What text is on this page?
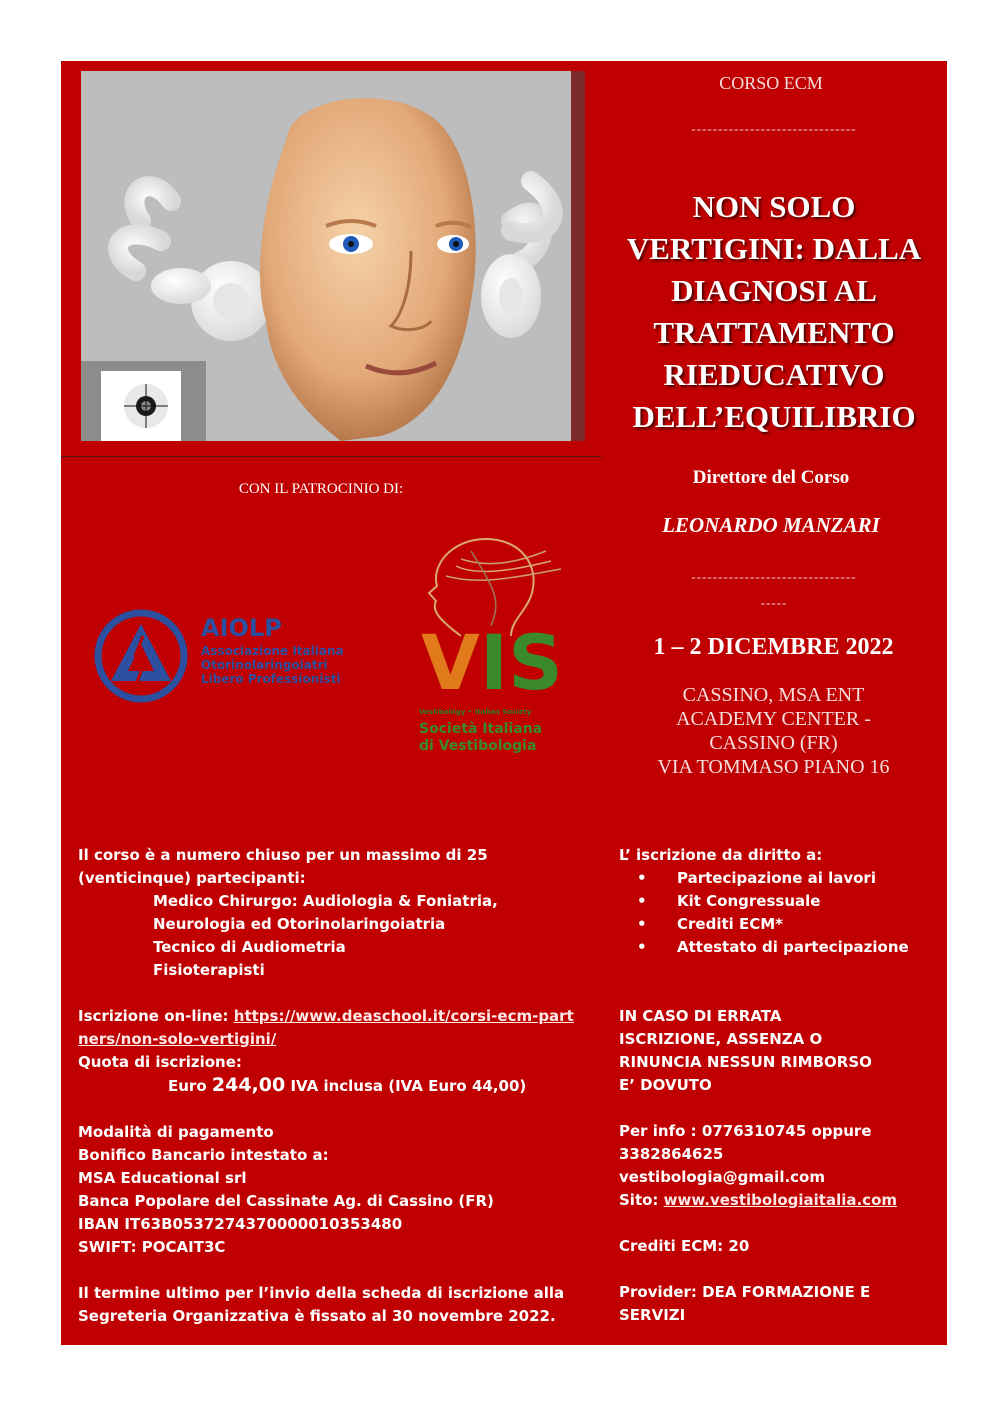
CORSO ECM
-------------------------------
NON SOLO
VERTIGINI: DALLA
DIAGNOSI AL
TRATTAMENTO
RIEDUCATIVO
DELL’EQUILIBRIO
Direttore del Corso
LEONARDO MANZARI
-------------------------------
-----
1 – 2 DICEMBRE 2022
CASSINO, MSA ENT
ACADEMY CENTER -
CASSINO (FR)
VIA TOMMASO PIANO 16
CON IL PATROCINIO DI:
AIOLP
Associazione Italiana
Otorinolaringoiatri
Libero Professionisti VIS
Vestibology • Italian Society
Società Italiana
di Vestibologia
Il corso è a numero chiuso per un massimo di 25 (venticinque) partecipanti:
Medico Chirurgo: Audiologia & Foniatria, Neurologia ed Otorinolaringoiatria
Tecnico di Audiometria
Fisioterapisti
Iscrizione on-line: https://www.deaschool.it/corsi-ecm-partners/non-solo-vertigini/
Quota di iscrizione:
Euro 244,00 IVA inclusa (IVA Euro 44,00)
Modalità di pagamento
Bonifico Bancario intestato a:
MSA Educational srl
Banca Popolare del Cassinate Ag. di Cassino (FR)
IBAN IT63B0537274370000010353480
SWIFT: POCAIT3C
Il termine ultimo per l’invio della scheda di iscrizione alla Segreteria Organizzativa è fissato al 30 novembre 2022.
L’ iscrizione da diritto a:
• Partecipazione ai lavori
• Kit Congressuale
• Crediti ECM*
• Attestato di partecipazione
IN CASO DI ERRATA ISCRIZIONE, ASSENZA O RINUNCIA NESSUN RIMBORSO E’ DOVUTO
Per info : 0776310745 oppure
3382864625
vestibologia@gmail.com
Sito: www.vestibologiaitalia.com
Crediti ECM: 20
Provider: DEA FORMAZIONE E SERVIZI
* Presenza 90% e superamento test
